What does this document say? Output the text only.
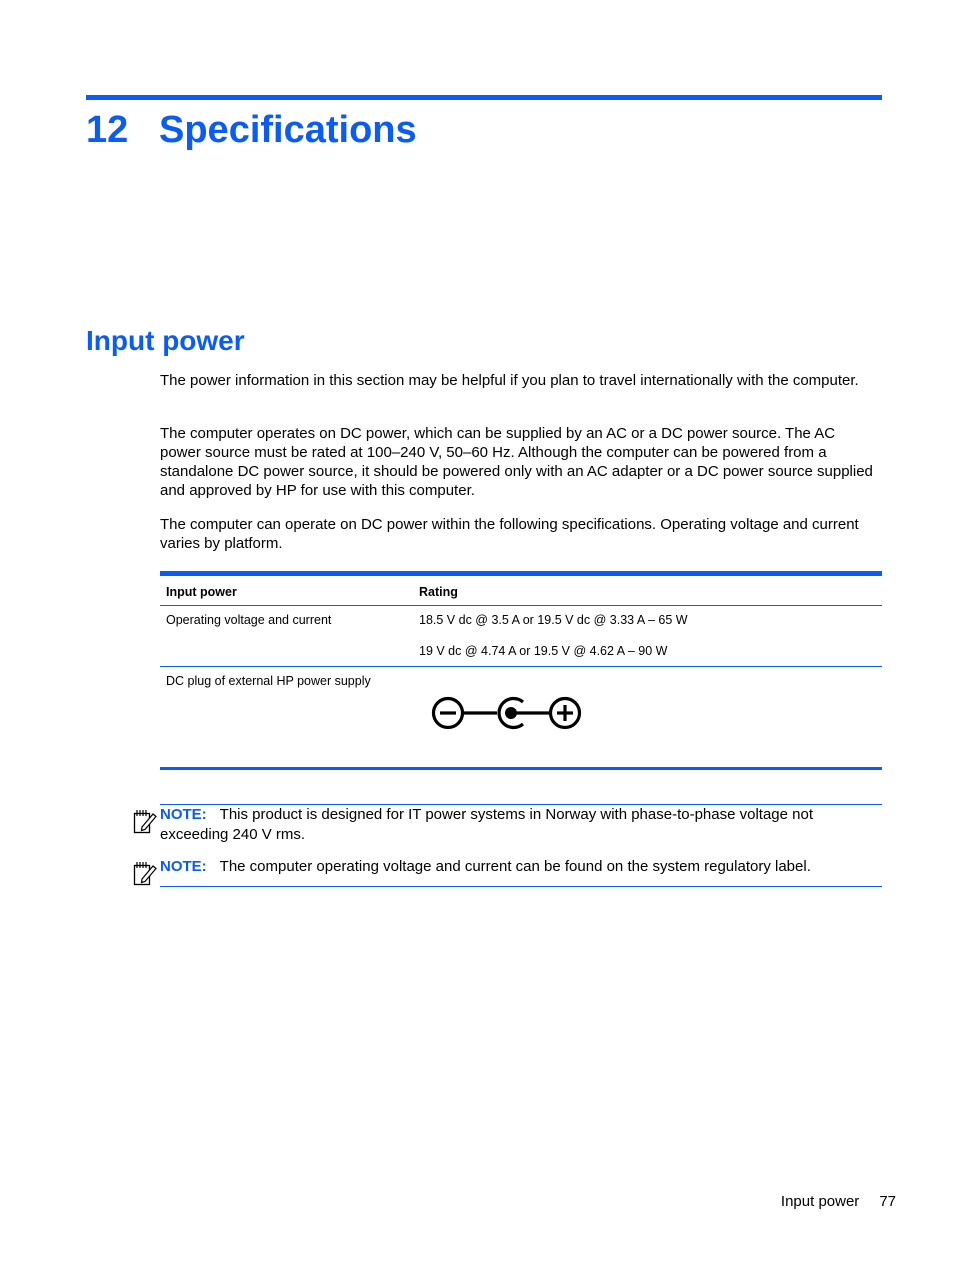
12 Specifications
Input power

The power information in this section may be helpful if you plan to travel internationally with the computer.

The computer operates on DC power, which can be supplied by an AC or a DC power source. The AC power source must be rated at 100–240 V, 50–60 Hz. Although the computer can be powered from a standalone DC power source, it should be powered only with an AC adapter or a DC power source supplied and approved by HP for use with this computer.

The computer can operate on DC power within the following specifications. Operating voltage and current varies by platform.

Input power	Rating
Operating voltage and current	18.5 V dc @ 3.5 A or 19.5 V dc @ 3.33 A – 65 W
19 V dc @ 4.74 A or 19.5 V @ 4.62 A – 90 W
DC plug of external HP power supply
NOTE: This product is designed for IT power systems in Norway with phase-to-phase voltage not exceeding 240 V rms.
NOTE: The computer operating voltage and current can be found on the system regulatory label.
Input power 77
